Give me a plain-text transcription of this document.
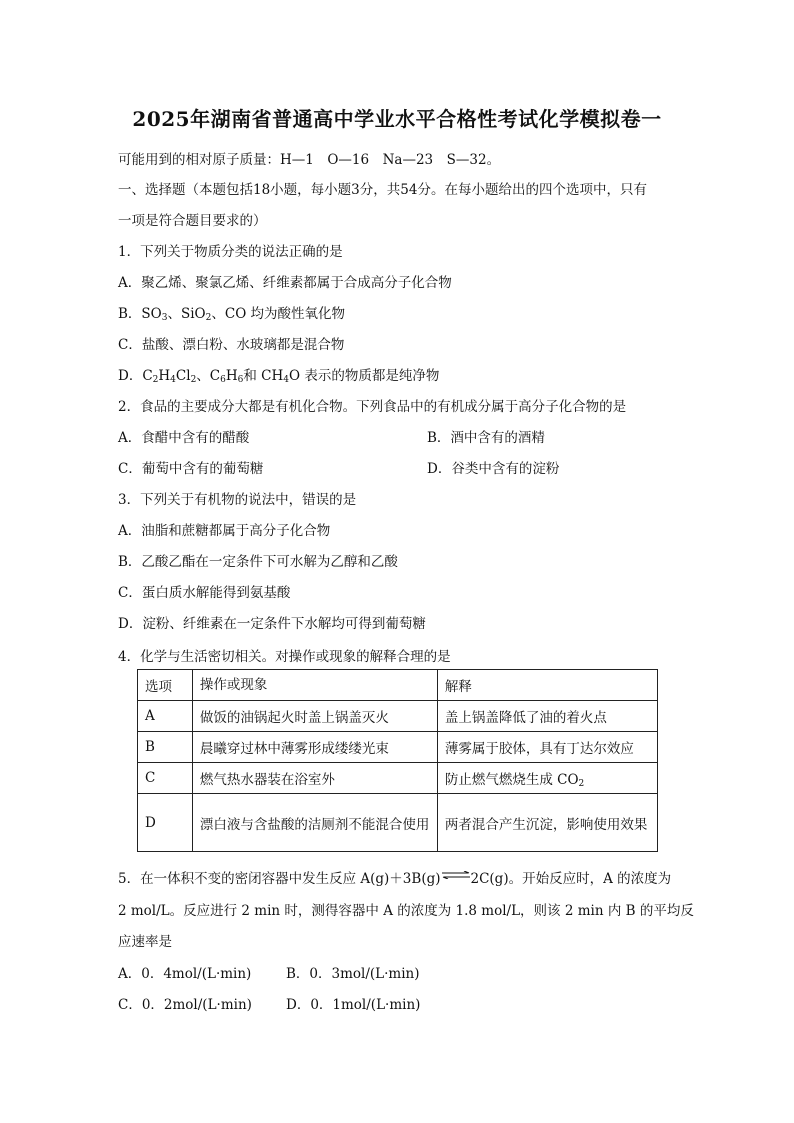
2025年湖南省普通高中学业水平合格性考试化学模拟卷一
可能用到的相对原子质量：H—1　O—16　Na—23　S—32。
一、选择题（本题包括18小题，每小题3分，共54分。在每小题给出的四个选项中，只有
一项是符合题目要求的）
1．下列关于物质分类的说法正确的是
A．聚乙烯、聚氯乙烯、纤维素都属于合成高分子化合物
B．$SO_3$、SiO$_2$、CO 均为酸性氧化物
C．盐酸、漂白粉、水玻璃都是混合物
D．$C_2H_4Cl_2$、$C_6H_6$和 $CH_4O$ 表示的物质都是纯净物
2．食品的主要成分大都是有机化合物。下列食品中的有机成分属于高分子化合物的是
A．食醋中含有的醋酸	B．酒中含有的酒精
C．葡萄中含有的葡萄糖	D．谷类中含有的淀粉
3．下列关于有机物的说法中，错误的是
A．油脂和蔗糖都属于高分子化合物
B．乙酸乙酯在一定条件下可水解为乙醇和乙酸
C．蛋白质水解能得到氨基酸
D．淀粉、纤维素在一定条件下水解均可得到葡萄糖
4．化学与生活密切相关。对操作或现象的解释合理的是
选项	操作或现象	解释
A	做饭的油锅起火时盖上锅盖灭火	盖上锅盖降低了油的着火点
B	晨曦穿过林中薄雾形成缕缕光束	薄雾属于胶体，具有丁达尔效应
C	燃气热水器装在浴室外	防止燃气燃烧生成 $CO_2$
D	漂白液与含盐酸的洁厕剂不能混合使用	两者混合产生沉淀，影响使用效果
5．在一体积不变的密闭容器中发生反应 A(g)＋3B(g)⇌2C(g)。开始反应时，A 的浓度为
2 mol/L。反应进行 2 min 时，测得容器中 A 的浓度为 1.8 mol/L，则该 2 min 内 B 的平均反
应速率是
A．0．4mol/(L·min)	B．0．3mol/(L·min)
C．0．2mol/(L·min)	D．0．1mol/(L·min)
